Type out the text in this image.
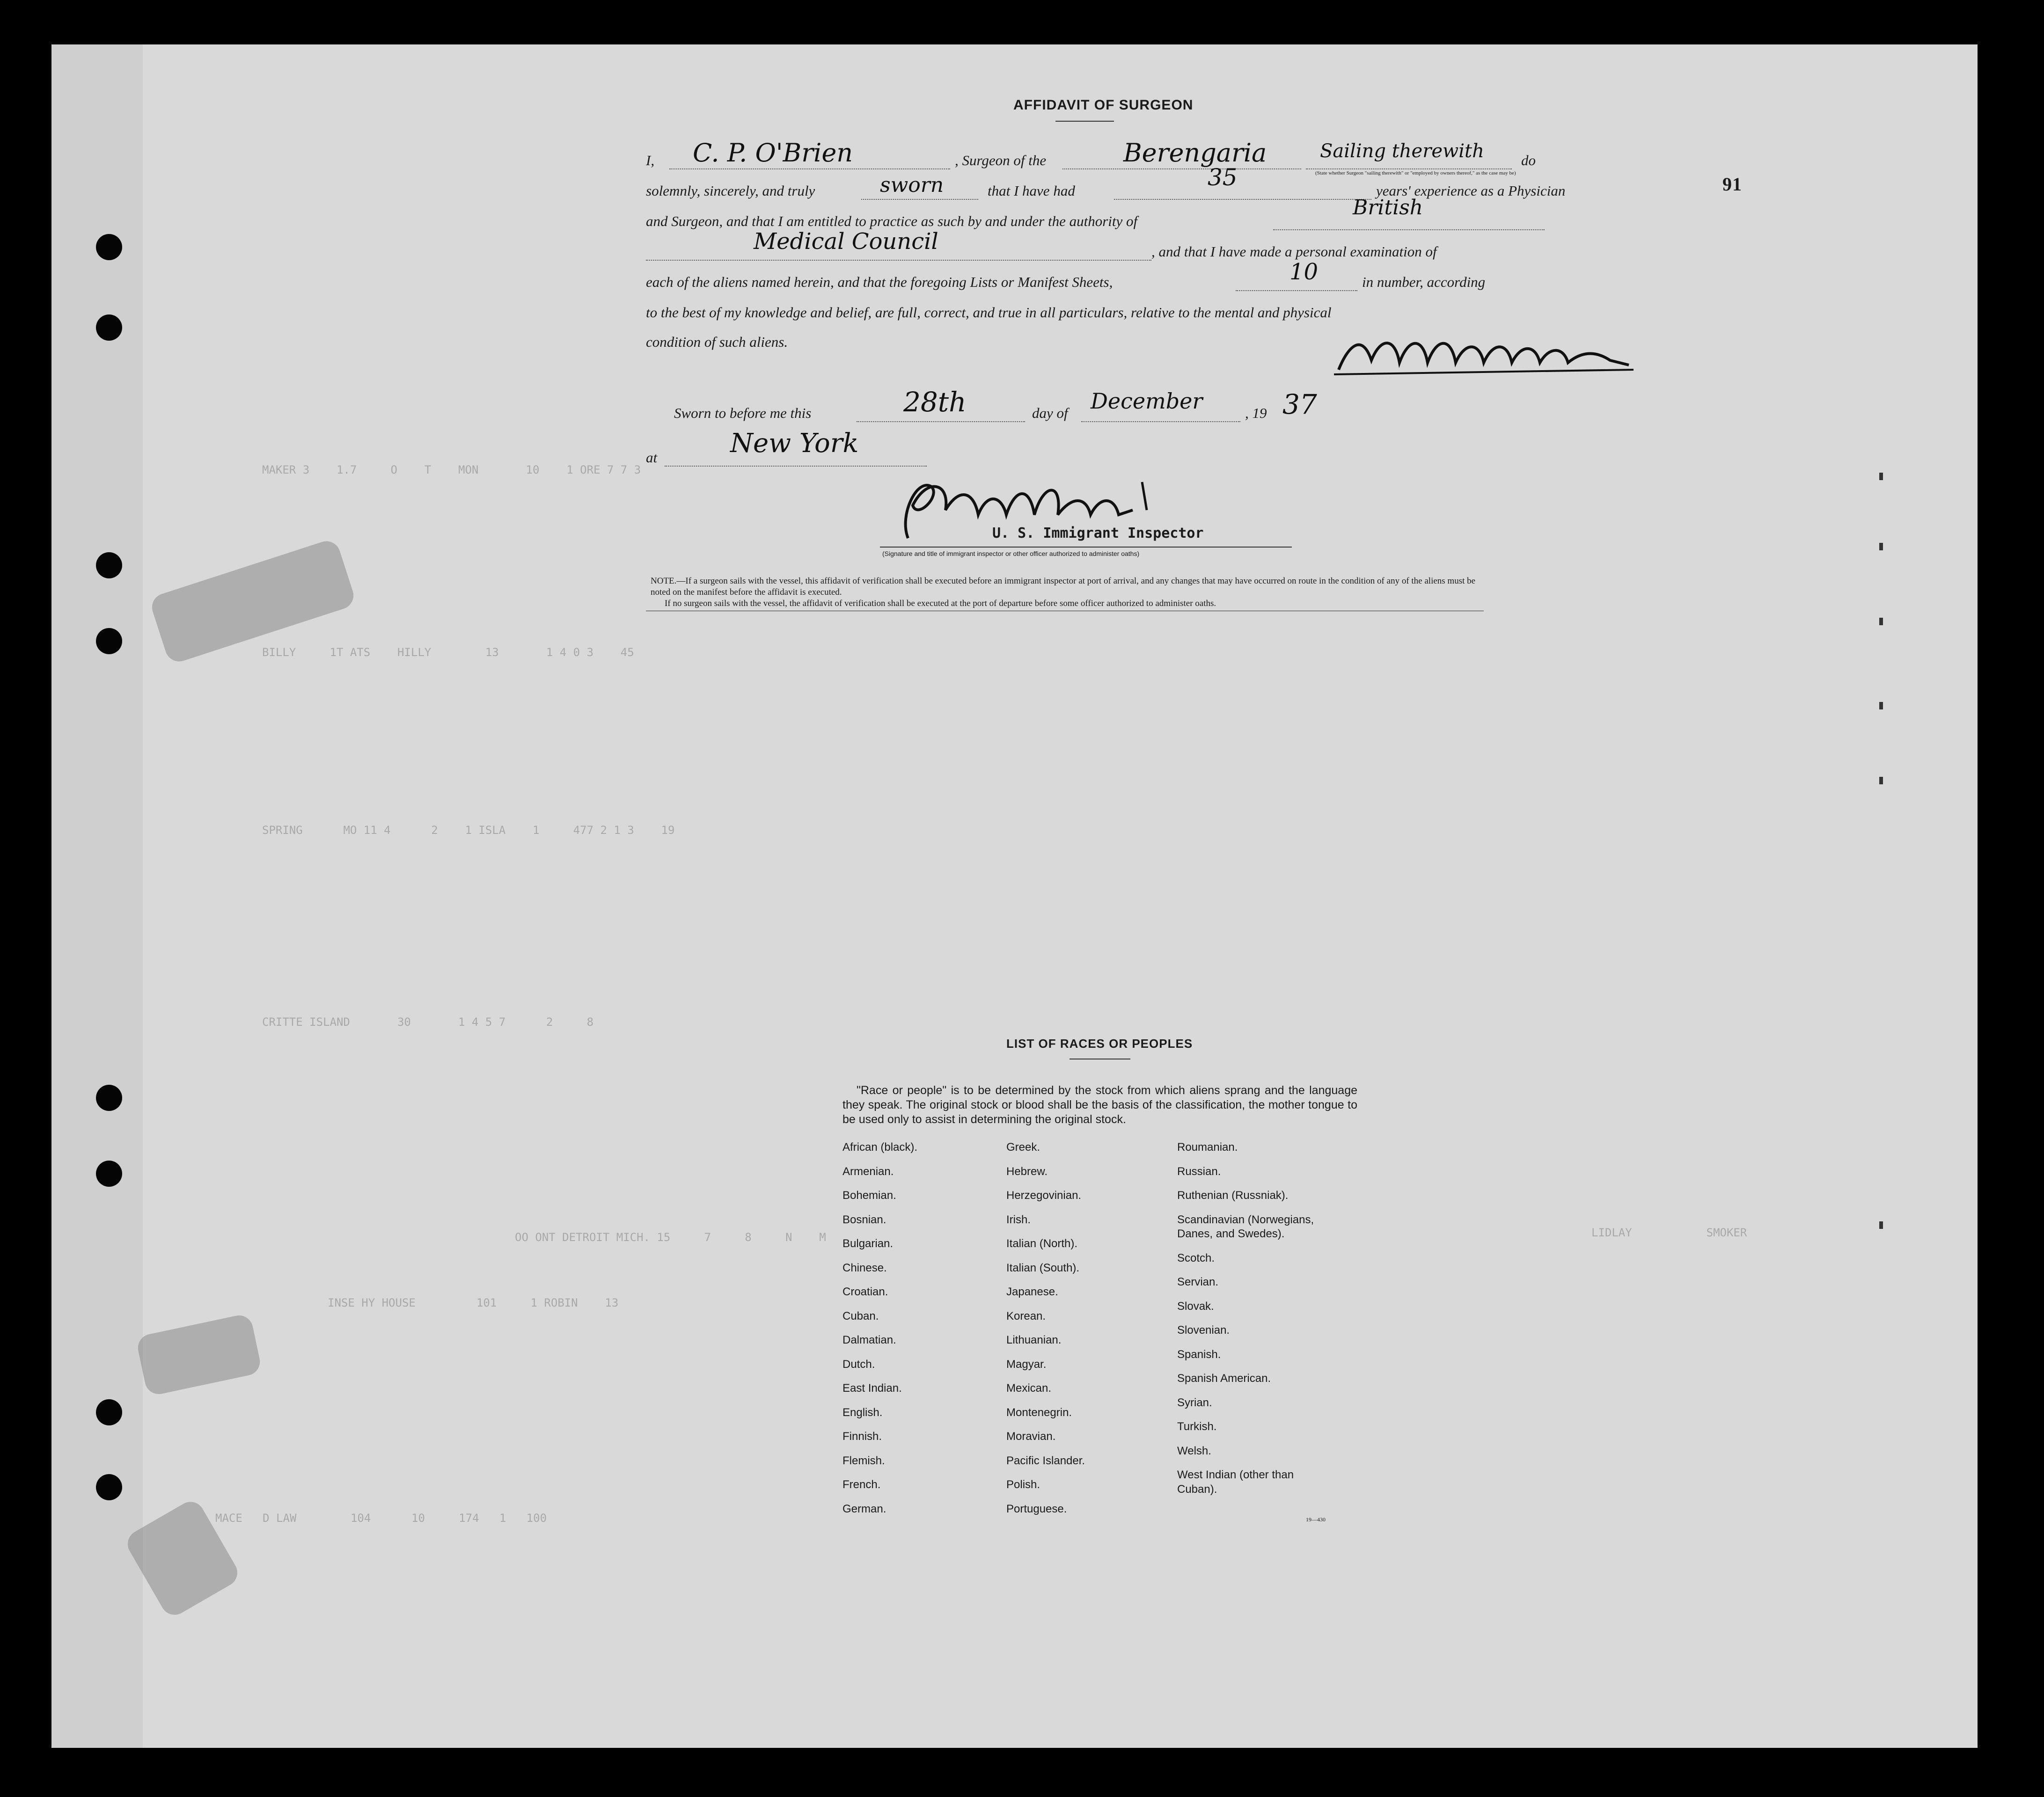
MAKER 3    1.7     O    T    MON       10    1 ORE 7 7 3
BILLY     1T ATS    HILLY        13       1 4 0 3    45
SPRING      MO 11 4      2    1 ISLA    1     477 2 1 3    19
CRITTE ISLAND       30       1 4 5 7      2     8
OO ONT DETROIT MICH. 15     7     8     N    M
INSE HY HOUSE         101     1 ROBIN    13
LIDLAY           SMOKER
MACE   D LAW        104      10     174   1   100
91
AFFIDAVIT OF SURGEON
I, C. P. O'Brien	, Surgeon of the	Berengaria	Sailing therewith
(State whether Surgeon "sailing therewith" or "employed by owners thereof," as the case may be)
do
solemnly, sincerely, and truly	sworn	that I have had	35	years' experience as a Physician
and Surgeon, and that I am entitled to practice as such by and under the authority of
British
Medical Council	, and that I have made a personal examination of
each of the aliens named herein, and that the foregoing Lists or Manifest Sheets,	10	in number, according
to the best of my knowledge and belief, are full, correct, and true in all particulars, relative to the mental and physical
condition of such aliens.
Sworn to before me this	28th	day of December	, 19 37
at	New York
U. S. Immigrant Inspector
(Signature and title of immigrant inspector or other officer authorized to administer oaths)
NOTE.—If a surgeon sails with the vessel, this affidavit of verification shall be executed before an immigrant inspector at port of arrival, and any changes that may have occurred on route in the condition of any of the aliens must be noted on the manifest before the affidavit is executed.
If no surgeon sails with the vessel, the affidavit of verification shall be executed at the port of departure before some officer authorized to administer oaths.
LIST OF RACES OR PEOPLES
"Race or people" is to be determined by the stock from which aliens sprang and the language they speak. The original stock or blood shall be the basis of the classification, the mother tongue to be used only to assist in determining the original stock.
African (black).
Armenian.
Bohemian.
Bosnian.
Bulgarian.
Chinese.
Croatian.
Cuban.
Dalmatian.
Dutch.
East Indian.
English.
Finnish.
Flemish.
French.
German.
Greek.
Hebrew.
Herzegovinian.
Irish.
Italian (North).
Italian (South).
Japanese.
Korean.
Lithuanian.
Magyar.
Mexican.
Montenegrin.
Moravian.
Pacific Islander.
Polish.
Portuguese.
Roumanian.
Russian.
Ruthenian (Russniak).
Scandinavian (Norwegians,
Danes, and Swedes).
Scotch.
Servian.
Slovak.
Slovenian.
Spanish.
Spanish American.
Syrian.
Turkish.
Welsh.
West Indian (other than
Cuban).
19—430
